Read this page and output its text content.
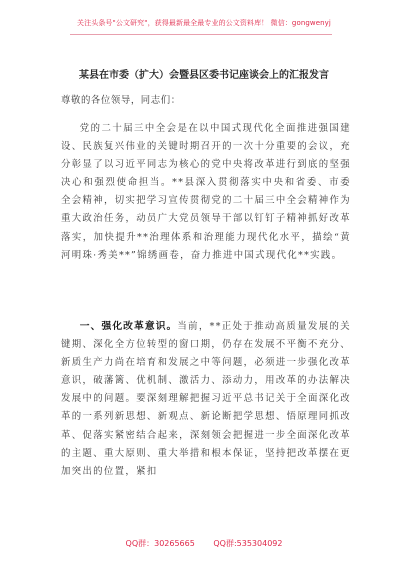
关注头条号"公文研究"，获得最新最全最专业的公文资料库！ 微信：gongwenyj
某县在市委（扩大）会暨县区委书记座谈会上的汇报发言
尊敬的各位领导，同志们：
党的二十届三中全会是在以中国式现代化全面推进强国建设、民族复兴伟业的关键时期召开的一次十分重要的会议，充分彰显了以习近平同志为核心的党中央将改革进行到底的坚强决心和强烈使命担当。**县深入贯彻落实中央和省委、市委全会精神，切实把学习宣传贯彻党的二十届三中全会精神作为重大政治任务，动员广大党员领导干部以钉钉子精神抓好改革落实，加快提升**治理体系和治理能力现代化水平，描绘“黄河明珠·秀美**”锦绣画卷，奋力推进中国式现代化**实践。
一、强化改革意识。当前，**正处于推动高质量发展的关键期、深化全方位转型的窗口期，仍存在发展不平衡不充分、新质生产力尚在培育和发展之中等问题，必须进一步强化改革意识，破藩篱、优机制、激活力、添动力，用改革的办法解决发展中的问题。要深刻理解把握习近平总书记关于全面深化改革的一系列新思想、新观点、新论断把学思想、悟原理同抓改革、促落实紧密结合起来，深刻领会把握进一步全面深化改革的主题、重大原则、重大举措和根本保证，坚持把改革摆在更加突出的位置，紧扣
QQ群：30265665 QQ群:535304092
